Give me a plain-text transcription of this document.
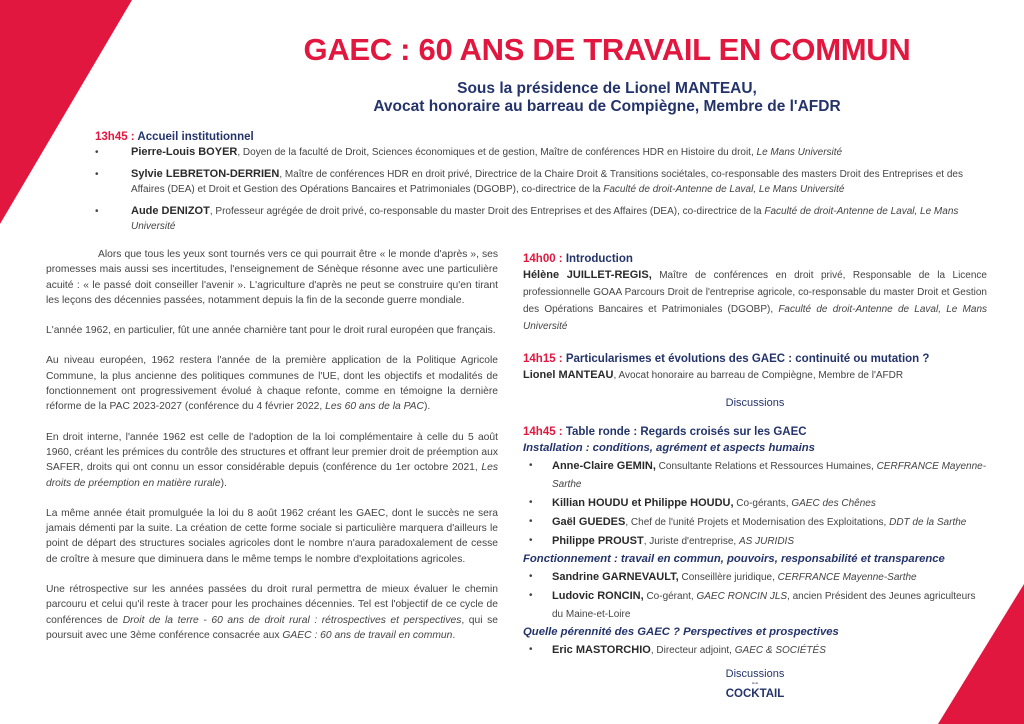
GAEC : 60 ANS DE TRAVAIL EN COMMUN
Sous la présidence de Lionel MANTEAU,
Avocat honoraire au barreau de Compiègne, Membre de l'AFDR
13h45 : Accueil institutionnel
• Pierre-Louis BOYER, Doyen de la faculté de Droit, Sciences économiques et de gestion, Maître de conférences HDR en Histoire du droit, Le Mans Université
• Sylvie LEBRETON-DERRIEN, Maître de conférences HDR en droit privé, Directrice de la Chaire Droit & Transitions sociétales, co-responsable des masters Droit des Entreprises et des Affaires (DEA) et Droit et Gestion des Opérations Bancaires et Patrimoniales (DGOBP), co-directrice de la Faculté de droit-Antenne de Laval, Le Mans Université
• Aude DENIZOT, Professeur agrégée de droit privé, co-responsable du master Droit des Entreprises et des Affaires (DEA), co-directrice de la Faculté de droit-Antenne de Laval, Le Mans Université

Alors que tous les yeux sont tournés vers ce qui pourrait être « le monde d'après », ses promesses mais aussi ses incertitudes, l'enseignement de Sénèque résonne avec une particulière acuité : « le passé doit conseiller l'avenir ». L'agriculture d'après ne peut se construire qu'en tirant les leçons des décennies passées, notamment depuis la fin de la seconde guerre mondiale.

L'année 1962, en particulier, fût une année charnière tant pour le droit rural européen que français.

Au niveau européen, 1962 restera l'année de la première application de la Politique Agricole Commune, la plus ancienne des politiques communes de l'UE, dont les objectifs et modalités de fonctionnement ont progressivement évolué à chaque refonte, comme en témoigne la dernière réforme de la PAC 2023-2027 (conférence du 4 février 2022, Les 60 ans de la PAC).

En droit interne, l'année 1962 est celle de l'adoption de la loi complémentaire à celle du 5 août 1960, créant les prémices du contrôle des structures et offrant leur premier droit de préemption aux SAFER, droits qui ont connu un essor considérable depuis (conférence du 1er octobre 2021, Les droits de préemption en matière rurale).

La même année était promulguée la loi du 8 août 1962 créant les GAEC, dont le succès ne sera jamais démenti par la suite. La création de cette forme sociale si particulière marquera d'ailleurs le point de départ des structures sociales agricoles dont le nombre n'aura paradoxalement de cesse de croître à mesure que diminuera dans le même temps le nombre d'exploitations agricoles.

Une rétrospective sur les années passées du droit rural permettra de mieux évaluer le chemin parcouru et celui qu'il reste à tracer pour les prochaines décennies. Tel est l'objectif de ce cycle de conférences de Droit de la terre - 60 ans de droit rural : rétrospectives et perspectives, qui se poursuit avec une 3ème conférence consacrée aux GAEC : 60 ans de travail en commun.

14h00 : Introduction
Hélène JUILLET-REGIS, Maître de conférences en droit privé, Responsable de la Licence professionnelle GOAA Parcours Droit de l'entreprise agricole, co-responsable du master Droit et Gestion des Opérations Bancaires et Patrimoniales (DGOBP), Faculté de droit-Antenne de Laval, Le Mans Université
14h15 : Particularismes et évolutions des GAEC : continuité ou mutation ?
Lionel MANTEAU, Avocat honoraire au barreau de Compiègne, Membre de l'AFDR
Discussions
14h45 : Table ronde : Regards croisés sur les GAEC
Installation : conditions, agrément et aspects humains
• Anne-Claire GEMIN, Consultante Relations et Ressources Humaines, CERFRANCE Mayenne-Sarthe
• Killian HOUDU et Philippe HOUDU, Co-gérants, GAEC des Chênes
• Gaël GUEDES, Chef de l'unité Projets et Modernisation des Exploitations, DDT de la Sarthe
• Philippe PROUST, Juriste d'entreprise, AS JURIDIS
Fonctionnement : travail en commun, pouvoirs, responsabilité et transparence
• Sandrine GARNEVAULT, Conseillère juridique, CERFRANCE Mayenne-Sarthe
• Ludovic RONCIN, Co-gérant, GAEC RONCIN JLS, ancien Président des Jeunes agriculteurs du Maine-et-Loire
Quelle pérennité des GAEC ? Perspectives et prospectives
• Eric MASTORCHIO, Directeur adjoint, GAEC & SOCIÉTÉS
Discussions
--
COCKTAIL
